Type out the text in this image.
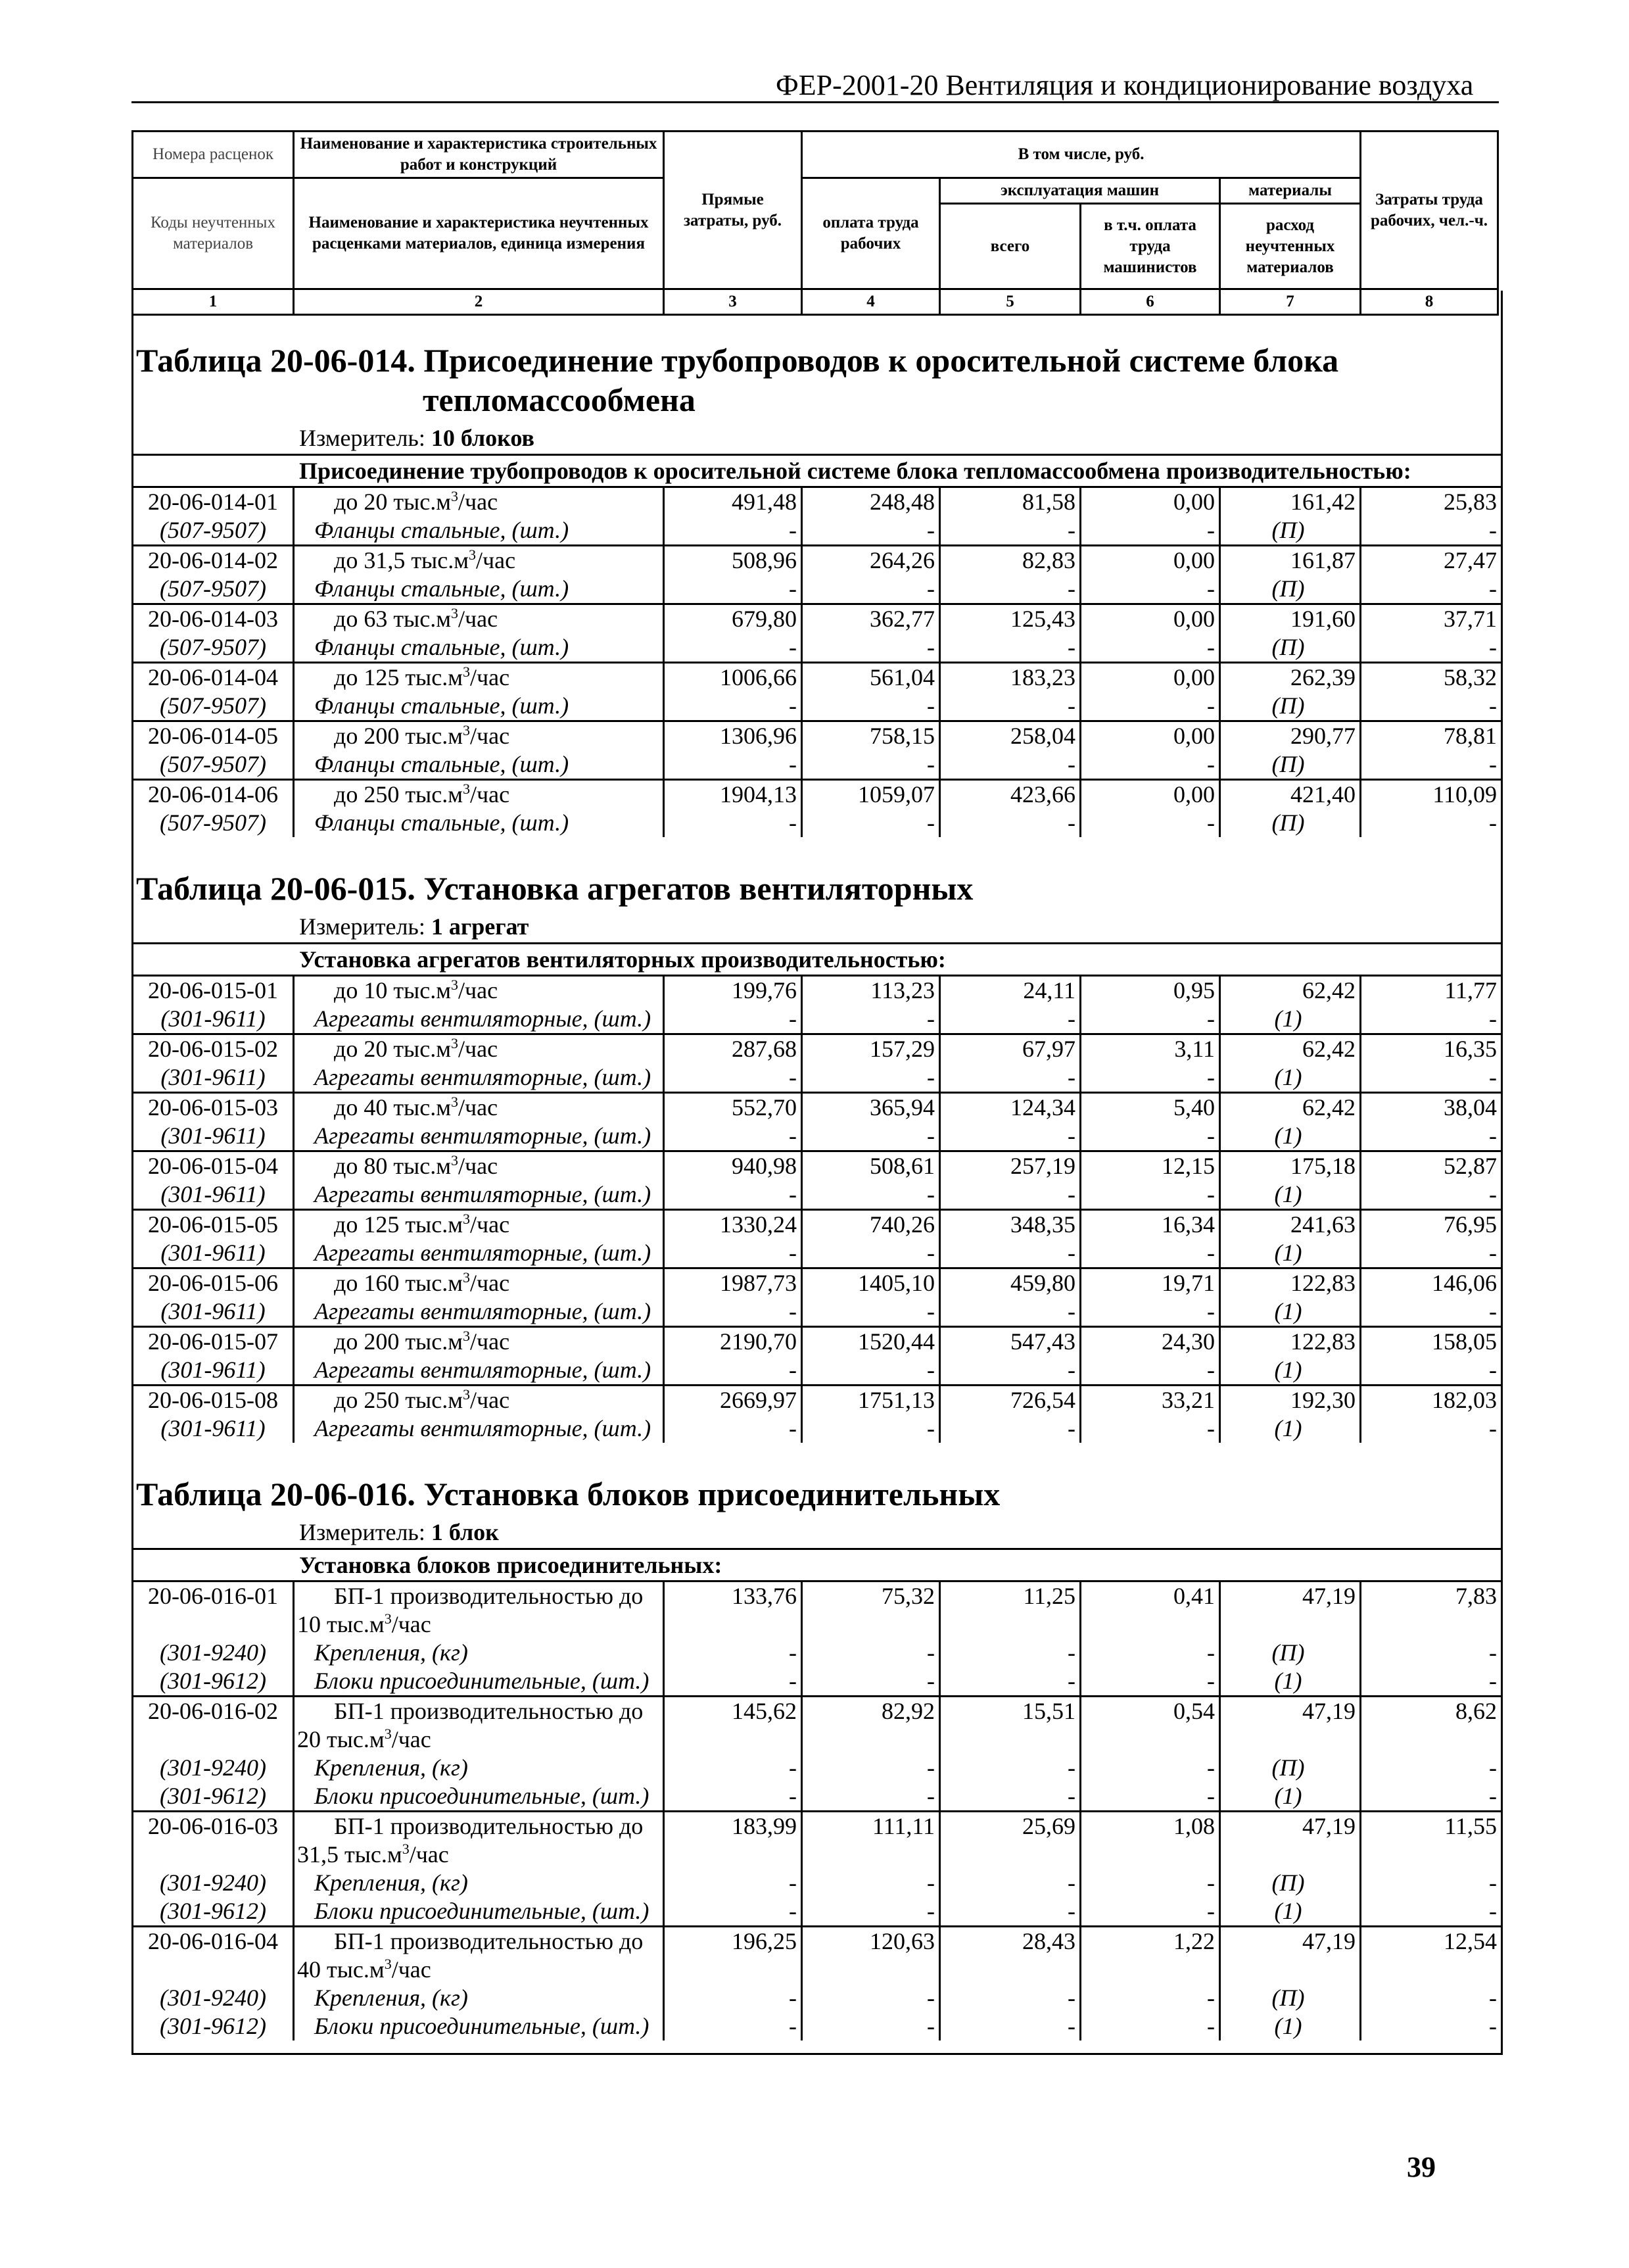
ФЕР-2001-20 Вентиляция и кондиционирование воздуха
Номера расценок	Наименование и характеристика строительных работ и конструкций	Прямые затраты, руб.	В том числе, руб.				Затраты труда рабочих, чел.-ч.
Коды неучтенных материалов	Наименование и характеристика неучтенных расценками материалов, единица измерения		оплата труда рабочих	эксплуатация машин		материалы	
				всего	в т.ч. оплата труда машинистов	расход неучтенных материалов	
1	2	3	4	5	6	7	8
Таблица 20-06-014. Присоединение трубопроводов к оросительной системе блока
тепломассообмена
Измеритель:
10 блоков
Присоединение трубопроводов к оросительной системе блока тепломассообмена производительностью:
20-06-014-01	до 20 $тыс.м^3$/час	491,48	248,48	81,58	0,00	161,42	25,83
(507-9507)	Фланцы стальные, (шт.)	-	-	-	-	(П)	-
20-06-014-02	до 31,5 $тыс.м^3$/час	508,96	264,26	82,83	0,00	161,87	27,47
(507-9507)	Фланцы стальные, (шт.)	-	-	-	-	(П)	-
20-06-014-03	до 63 $тыс.м^3$/час	679,80	362,77	125,43	0,00	191,60	37,71
(507-9507)	Фланцы стальные, (шт.)	-	-	-	-	(П)	-
20-06-014-04	до 125 $тыс.м^3$/час	1006,66	561,04	183,23	0,00	262,39	58,32
(507-9507)	Фланцы стальные, (шт.)	-	-	-	-	(П)	-
20-06-014-05	до 200 $тыс.м^3$/час	1306,96	758,15	258,04	0,00	290,77	78,81
(507-9507)	Фланцы стальные, (шт.)	-	-	-	-	(П)	-
20-06-014-06	до 250 $тыс.м^3$/час	1904,13	1059,07	423,66	0,00	421,40	110,09
(507-9507)	Фланцы стальные, (шт.)	-	-	-	-	(П)	-
Таблица 20-06-015. Установка агрегатов вентиляторных
Измеритель:
1 агрегат
Установка агрегатов вентиляторных производительностью:
20-06-015-01	до 10 $тыс.м^3$/час	199,76	113,23	24,11	0,95	62,42	11,77
(301-9611)	Агрегаты вентиляторные, (шт.)	-	-	-	-	(1)	-
20-06-015-02	до 20 $тыс.м^3$/час	287,68	157,29	67,97	3,11	62,42	16,35
(301-9611)	Агрегаты вентиляторные, (шт.)	-	-	-	-	(1)	-
20-06-015-03	до 40 $тыс.м^3$/час	552,70	365,94	124,34	5,40	62,42	38,04
(301-9611)	Агрегаты вентиляторные, (шт.)	-	-	-	-	(1)	-
20-06-015-04	до 80 $тыс.м^3$/час	940,98	508,61	257,19	12,15	175,18	52,87
(301-9611)	Агрегаты вентиляторные, (шт.)	-	-	-	-	(1)	-
20-06-015-05	до 125 $тыс.м^3$/час	1330,24	740,26	348,35	16,34	241,63	76,95
(301-9611)	Агрегаты вентиляторные, (шт.)	-	-	-	-	(1)	-
20-06-015-06	до 160 $тыс.м^3$/час	1987,73	1405,10	459,80	19,71	122,83	146,06
(301-9611)	Агрегаты вентиляторные, (шт.)	-	-	-	-	(1)	-
20-06-015-07	до 200 $тыс.м^3$/час	2190,70	1520,44	547,43	24,30	122,83	158,05
(301-9611)	Агрегаты вентиляторные, (шт.)	-	-	-	-	(1)	-
20-06-015-08	до 250 $тыс.м^3$/час	2669,97	1751,13	726,54	33,21	192,30	182,03
(301-9611)	Агрегаты вентиляторные, (шт.)	-	-	-	-	(1)	-
Таблица 20-06-016. Установка блоков присоединительных
Измеритель:
1 блок
Установка блоков присоединительных:
20-06-016-01	БП-1 производительностью до	133,76	75,32	11,25	0,41	47,19	7,83
10 $тыс.м^3$/час
(301-9240)	Крепления, (кг)	-	-	-	-	(П)	-
(301-9612)	Блоки присоединительные, (шт.)	-	-	-	-	(1)	-
20-06-016-02	БП-1 производительностью до	145,62	82,92	15,51	0,54	47,19	8,62
20 $тыс.м^3$/час
(301-9240)	Крепления, (кг)	-	-	-	-	(П)	-
(301-9612)	Блоки присоединительные, (шт.)	-	-	-	-	(1)	-
20-06-016-03	БП-1 производительностью до	183,99	111,11	25,69	1,08	47,19	11,55
31,5 $тыс.м^3$/час
(301-9240)	Крепления, (кг)	-	-	-	-	(П)	-
(301-9612)	Блоки присоединительные, (шт.)	-	-	-	-	(1)	-
20-06-016-04	БП-1 производительностью до	196,25	120,63	28,43	1,22	47,19	12,54
40 $тыс.м^3$/час
(301-9240)	Крепления, (кг)	-	-	-	-	(П)	-
(301-9612)	Блоки присоединительные, (шт.)	-	-	-	-	(1)	-
39
